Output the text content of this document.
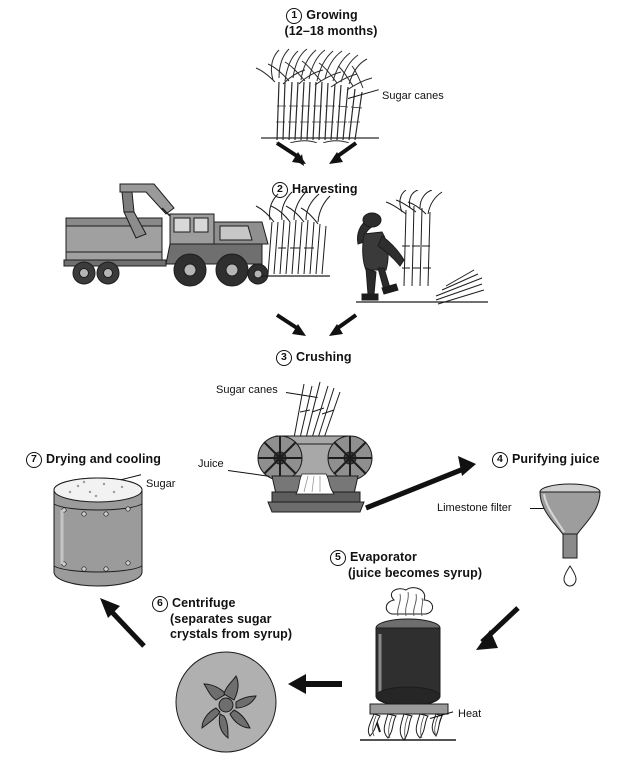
1 Growing
(12–18 months)
Sugar canes
2 Harvesting
3 Crushing
Sugar canes
Juice	4 Purifying juice
Limestone filter
5 Evaporator
(juice becomes syrup)
Heat
6 Centrifuge
(separates sugar
crystals from syrup)
7 Drying and cooling
Sugar
